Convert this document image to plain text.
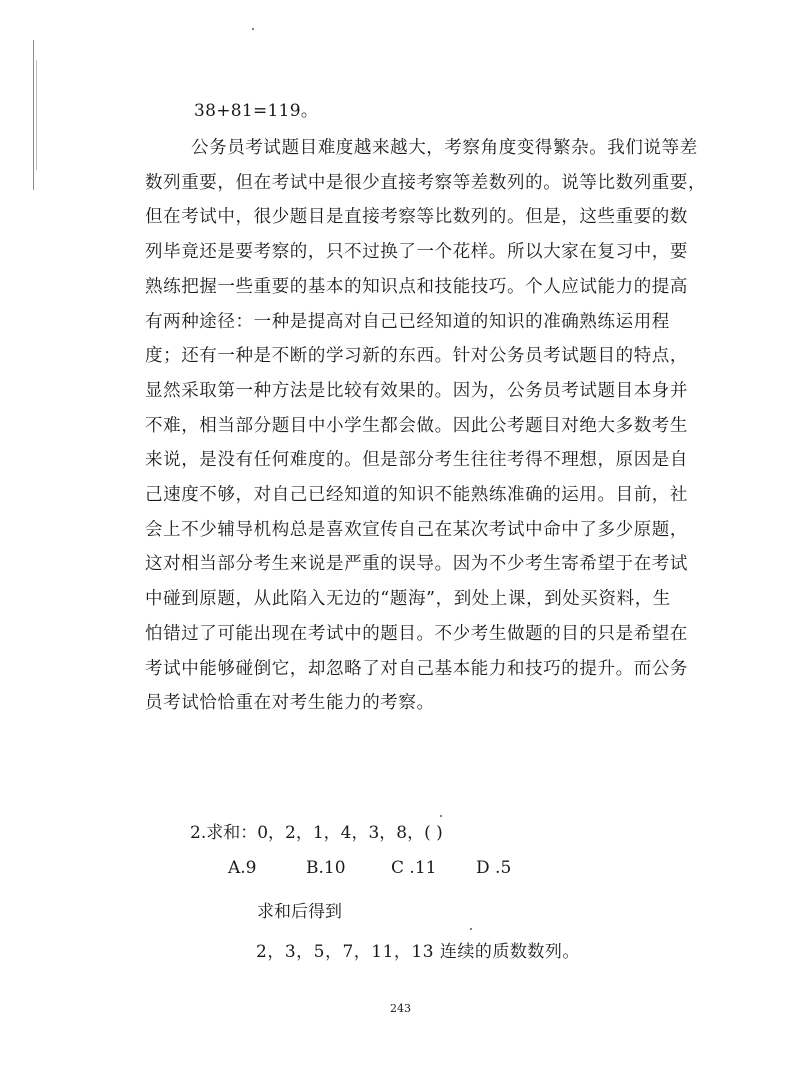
38+81=119。
公务员考试题目难度越来越大，考察角度变得繁杂。我们说等差
数列重要，但在考试中是很少直接考察等差数列的。说等比数列重要，
但在考试中，很少题目是直接考察等比数列的。但是，这些重要的数
列毕竟还是要考察的，只不过换了一个花样。所以大家在复习中，要
熟练把握一些重要的基本的知识点和技能技巧。个人应试能力的提高
有两种途径：一种是提高对自己已经知道的知识的准确熟练运用程
度；还有一种是不断的学习新的东西。针对公务员考试题目的特点，
显然采取第一种方法是比较有效果的。因为，公务员考试题目本身并
不难，相当部分题目中小学生都会做。因此公考题目对绝大多数考生
来说，是没有任何难度的。但是部分考生往往考得不理想，原因是自
己速度不够，对自己已经知道的知识不能熟练准确的运用。目前，社
会上不少辅导机构总是喜欢宣传自己在某次考试中命中了多少原题，
这对相当部分考生来说是严重的误导。因为不少考生寄希望于在考试
中碰到原题，从此陷入无边的“题海”，到处上课，到处买资料，生
怕错过了可能出现在考试中的题目。不少考生做题的目的只是希望在
考试中能够碰倒它，却忽略了对自己基本能力和技巧的提升。而公务
员考试恰恰重在对考生能力的考察。
2.求和：0，2，1，4，3，8，( )
A.9	B.10	C .11	D .5
求和后得到
2，3，5，7，11，13 连续的质数数列。
243
